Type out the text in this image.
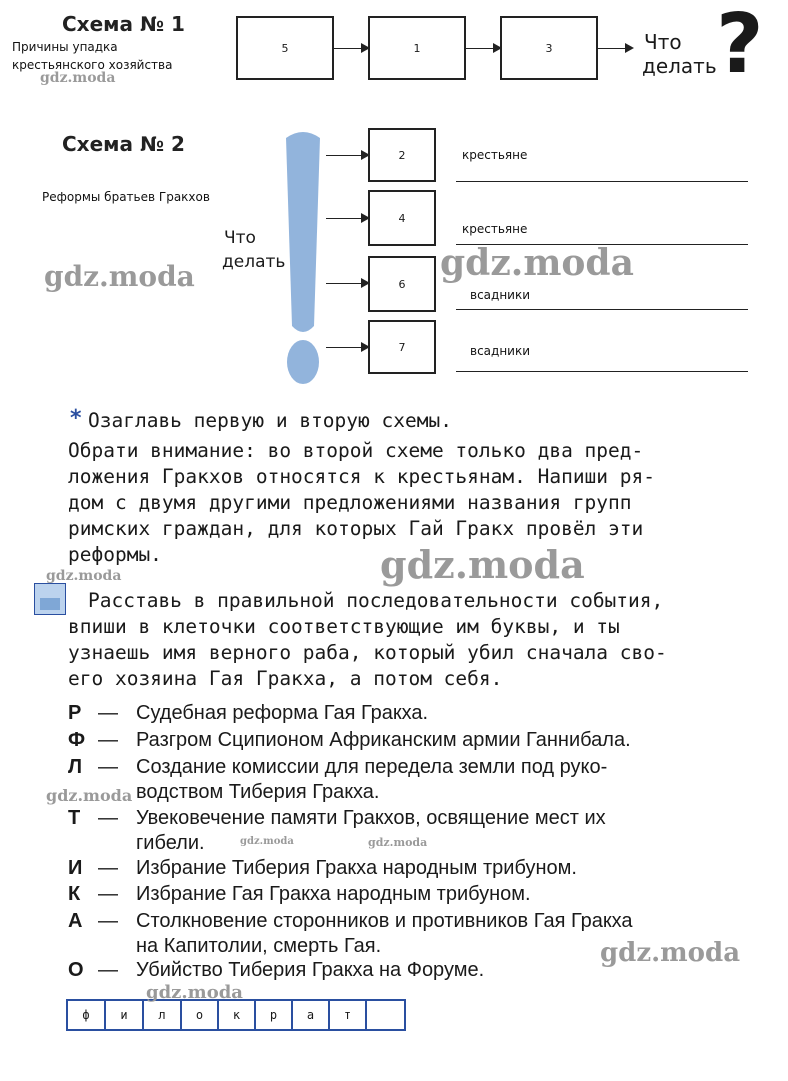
Схема № 1
Причины упадка
крестьянского хозяйства
5	1	3	Что
делать ?
Схема № 2
Реформы братьев Гракхов
Что
делать
2
4
6
7
крестьяне
крестьяне
всадники
всадники
* Озаглавь первую и вторую схемы.
Обрати внимание: во второй схеме только два пред-
ложения Гракхов относятся к крестьянам. Напиши ря-
дом с двумя другими предложениями названия групп
римских граждан, для которых Гай Гракх провёл эти
реформы.
Расставь в правильной последовательности события,
впиши в клеточки соответствующие им буквы, и ты
узнаешь имя верного раба, который убил сначала сво-
его хозяина Гая Гракха, а потом себя.
Р — Судебная реформа Гая Гракха.
Ф — Разгром Сципионом Африканским армии Ганнибала.
Л — Создание комиссии для передела земли под руко-
водством Тиберия Гракха.
Т — Увековечение памяти Гракхов, освящение мест их
гибели.
И — Избрание Тиберия Гракха народным трибуном.
К — Избрание Гая Гракха народным трибуном.
А — Столкновение сторонников и противников Гая Гракха
на Капитолии, смерть Гая.
О — Убийство Тиберия Гракха на Форуме.
ф	и	л	о	к	р	а	т
gdz.moda
gdz.moda	gdz.moda
gdz.moda
gdz.moda
gdz.moda
gdz.moda	gdz.moda
gdz.moda
gdz.moda
